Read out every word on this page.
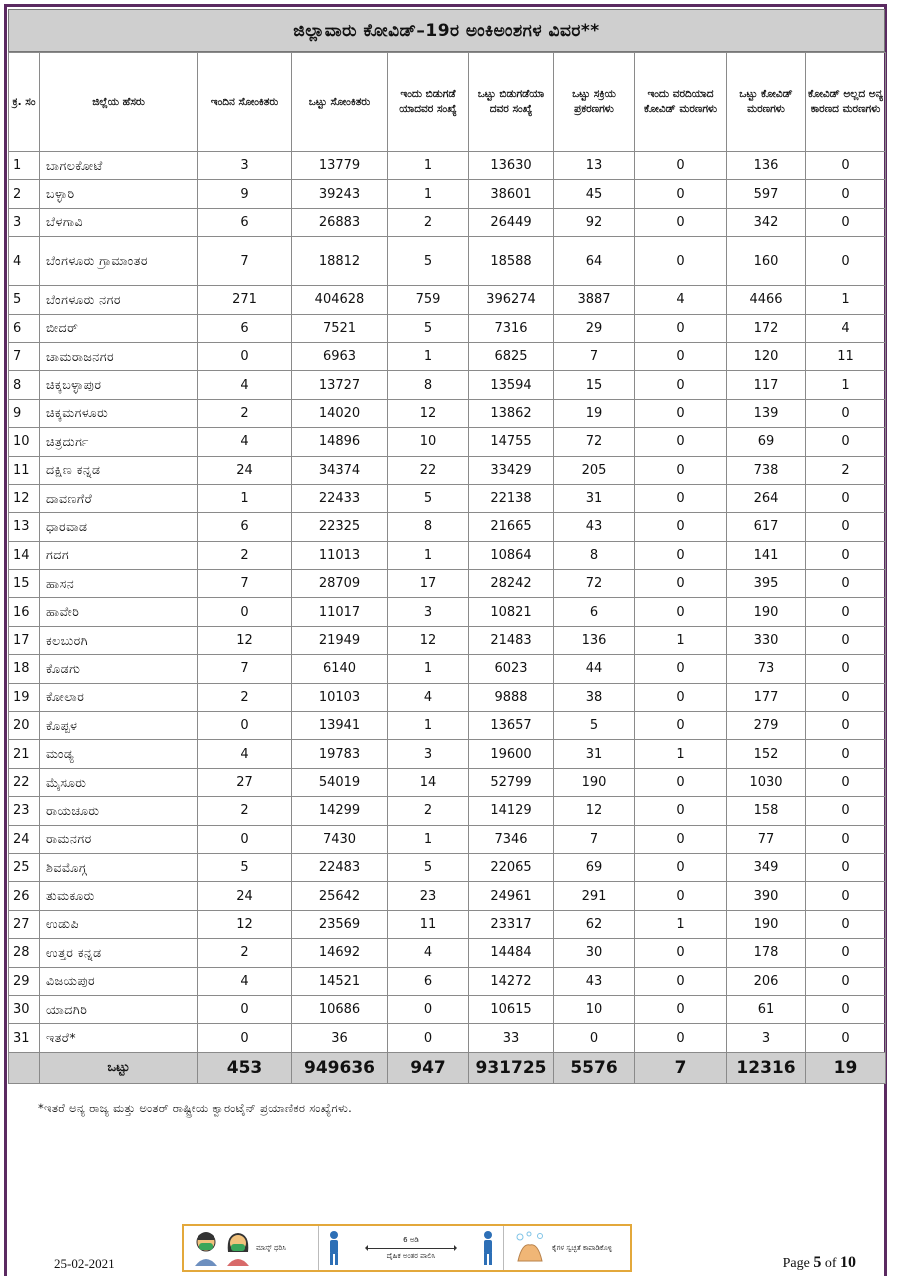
ಜಿಲ್ಲಾವಾರು ಕೋವಿಡ್–19ರ ಅಂಕಿಅಂಶಗಳ ವಿವರ**
ಕ್ರ. ಸಂ	ಜಿಲ್ಲೆಯ ಹೆಸರು	ಇಂದಿನ ಸೋಂಕಿತರು	ಒಟ್ಟು ಸೋಂಕಿತರು	ಇಂದು ಬಿಡುಗಡೆ ಯಾದವರ ಸಂಖ್ಯೆ	ಒಟ್ಟು ಬಿಡುಗಡೆಯಾ ದವರ ಸಂಖ್ಯೆ	ಒಟ್ಟು ಸಕ್ರಿಯ ಪ್ರಕರಣಗಳು	ಇಂದು ವರದಿಯಾದ ಕೋವಿಡ್ ಮರಣಗಳು	ಒಟ್ಟು ಕೋವಿಡ್ ಮರಣಗಳು	ಕೋವಿಡ್ ಅಲ್ಲದ ಅನ್ಯ ಕಾರಣದ ಮರಣಗಳು
1	ಬಾಗಲಕೋಟೆ	3	13779	1	13630	13	0	136	0
2	ಬಳ್ಳಾರಿ	9	39243	1	38601	45	0	597	0
3	ಬೆಳಗಾವಿ	6	26883	2	26449	92	0	342	0
4	ಬೆಂಗಳೂರು ಗ್ರಾಮಾಂತರ	7	18812	5	18588	64	0	160	0
5	ಬೆಂಗಳೂರು ನಗರ	271	404628	759	396274	3887	4	4466	1
6	ಬೀದರ್	6	7521	5	7316	29	0	172	4
7	ಚಾಮರಾಜನಗರ	0	6963	1	6825	7	0	120	11
8	ಚಿಕ್ಕಬಳ್ಳಾಪುರ	4	13727	8	13594	15	0	117	1
9	ಚಿಕ್ಕಮಗಳೂರು	2	14020	12	13862	19	0	139	0
10	ಚಿತ್ರದುರ್ಗ	4	14896	10	14755	72	0	69	0
11	ದಕ್ಷಿಣ ಕನ್ನಡ	24	34374	22	33429	205	0	738	2
12	ದಾವಣಗೆರೆ	1	22433	5	22138	31	0	264	0
13	ಧಾರವಾಡ	6	22325	8	21665	43	0	617	0
14	ಗದಗ	2	11013	1	10864	8	0	141	0
15	ಹಾಸನ	7	28709	17	28242	72	0	395	0
16	ಹಾವೇರಿ	0	11017	3	10821	6	0	190	0
17	ಕಲಬುರಗಿ	12	21949	12	21483	136	1	330	0
18	ಕೊಡಗು	7	6140	1	6023	44	0	73	0
19	ಕೋಲಾರ	2	10103	4	9888	38	0	177	0
20	ಕೊಪ್ಪಳ	0	13941	1	13657	5	0	279	0
21	ಮಂಡ್ಯ	4	19783	3	19600	31	1	152	0
22	ಮೈಸೂರು	27	54019	14	52799	190	0	1030	0
23	ರಾಯಚೂರು	2	14299	2	14129	12	0	158	0
24	ರಾಮನಗರ	0	7430	1	7346	7	0	77	0
25	ಶಿವಮೊಗ್ಗ	5	22483	5	22065	69	0	349	0
26	ತುಮಕೂರು	24	25642	23	24961	291	0	390	0
27	ಉಡುಪಿ	12	23569	11	23317	62	1	190	0
28	ಉತ್ತರ ಕನ್ನಡ	2	14692	4	14484	30	0	178	0
29	ವಿಜಯಪುರ	4	14521	6	14272	43	0	206	0
30	ಯಾದಗಿರಿ	0	10686	0	10615	10	0	61	0
31	ಇತರೆ*	0	36	0	33	0	0	3	0
	ಒಟ್ಟು	453	949636	947	931725	5576	7	12316	19
*ಇತರೆ ಅನ್ಯ ರಾಜ್ಯ ಮತ್ತು ಅಂತರ್ ರಾಷ್ಟ್ರೀಯ ಕ್ವಾರಂಟೈನ್ ಪ್ರಯಾಣಿಕರ ಸಂಖ್ಯೆಗಳು.
ಮಾಸ್ಕ್ ಧರಿಸಿ
6 ಅಡಿ
ದೈಹಿಕ ಅಂತರ ಪಾಲಿಸಿ
ಕೈಗಳ ಸ್ವಚ್ಛತೆ ಕಾಪಾಡಿಕೊಳ್ಳಿ
25-02-2021	Page 5 of 10
